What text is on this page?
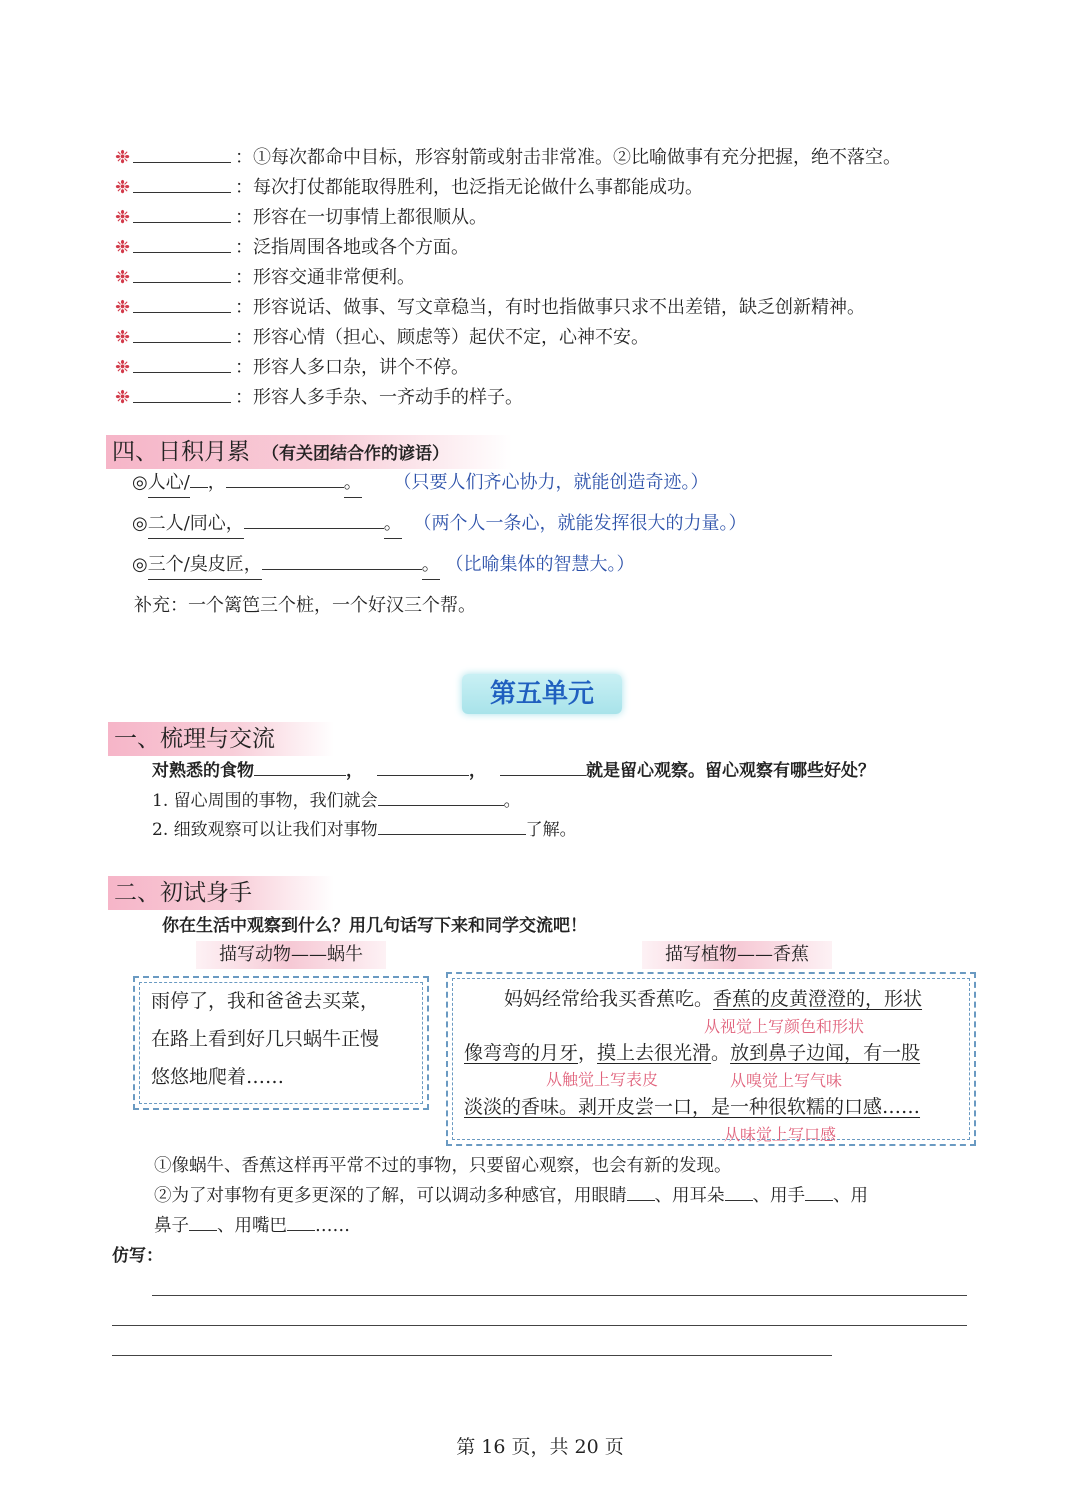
❉	：①每次都命中目标，形容射箭或射击非常准。②比喻做事有充分把握，绝不落空。
❉	：每次打仗都能取得胜利，也泛指无论做什么事都能成功。
❉	：形容在一切事情上都很顺从。
❉	：泛指周围各地或各个方面。
❉	：形容交通非常便利。
❉	：形容说话、做事、写文章稳当，有时也指做事只求不出差错，缺乏创新精神。
❉	：形容心情（担心、顾虑等）起伏不定，心神不安。
❉	：形容人多口杂，讲个不停。
❉	：形容人多手杂、一齐动手的样子。
四、日积月累 （有关团结合作的谚语）
◎人心/ ，	。 （只要人们齐心协力，就能创造奇迹。）
◎二人/同心，	。 （两个人一条心，就能发挥很大的力量。）
◎三个/臭皮匠，	。 （比喻集体的智慧大。）
补充：一个篱笆三个桩，一个好汉三个帮。
第五单元
一、梳理与交流
对熟悉的食物	，	，	就是留心观察。留心观察有哪些好处？
1. 留心周围的事物，我们就会	。
2. 细致观察可以让我们对事物	了解。
二、初试身手
你在生活中观察到什么？用几句话写下来和同学交流吧！
描写动物——蜗牛	描写植物——香蕉
雨停了，我和爸爸去买菜，
在路上看到好几只蜗牛正慢
悠悠地爬着……
妈妈经常给我买香蕉吃。香蕉的皮黄澄澄的，形状
像弯弯的月牙，摸上去很光滑。放到鼻子边闻，有一股
淡淡的香味。剥开皮尝一口，是一种很软糯的口感……
从视觉上写颜色和形状
从触觉上写表皮	从嗅觉上写气味
从味觉上写口感
①像蜗牛、香蕉这样再平常不过的事物，只要留心观察，也会有新的发现。
②为了对事物有更多更深的了解，可以调动多种感官，用眼睛 、用耳朵 、用手 、用
鼻子 、用嘴巴 ……
仿写：
第 16 页，共 20 页
